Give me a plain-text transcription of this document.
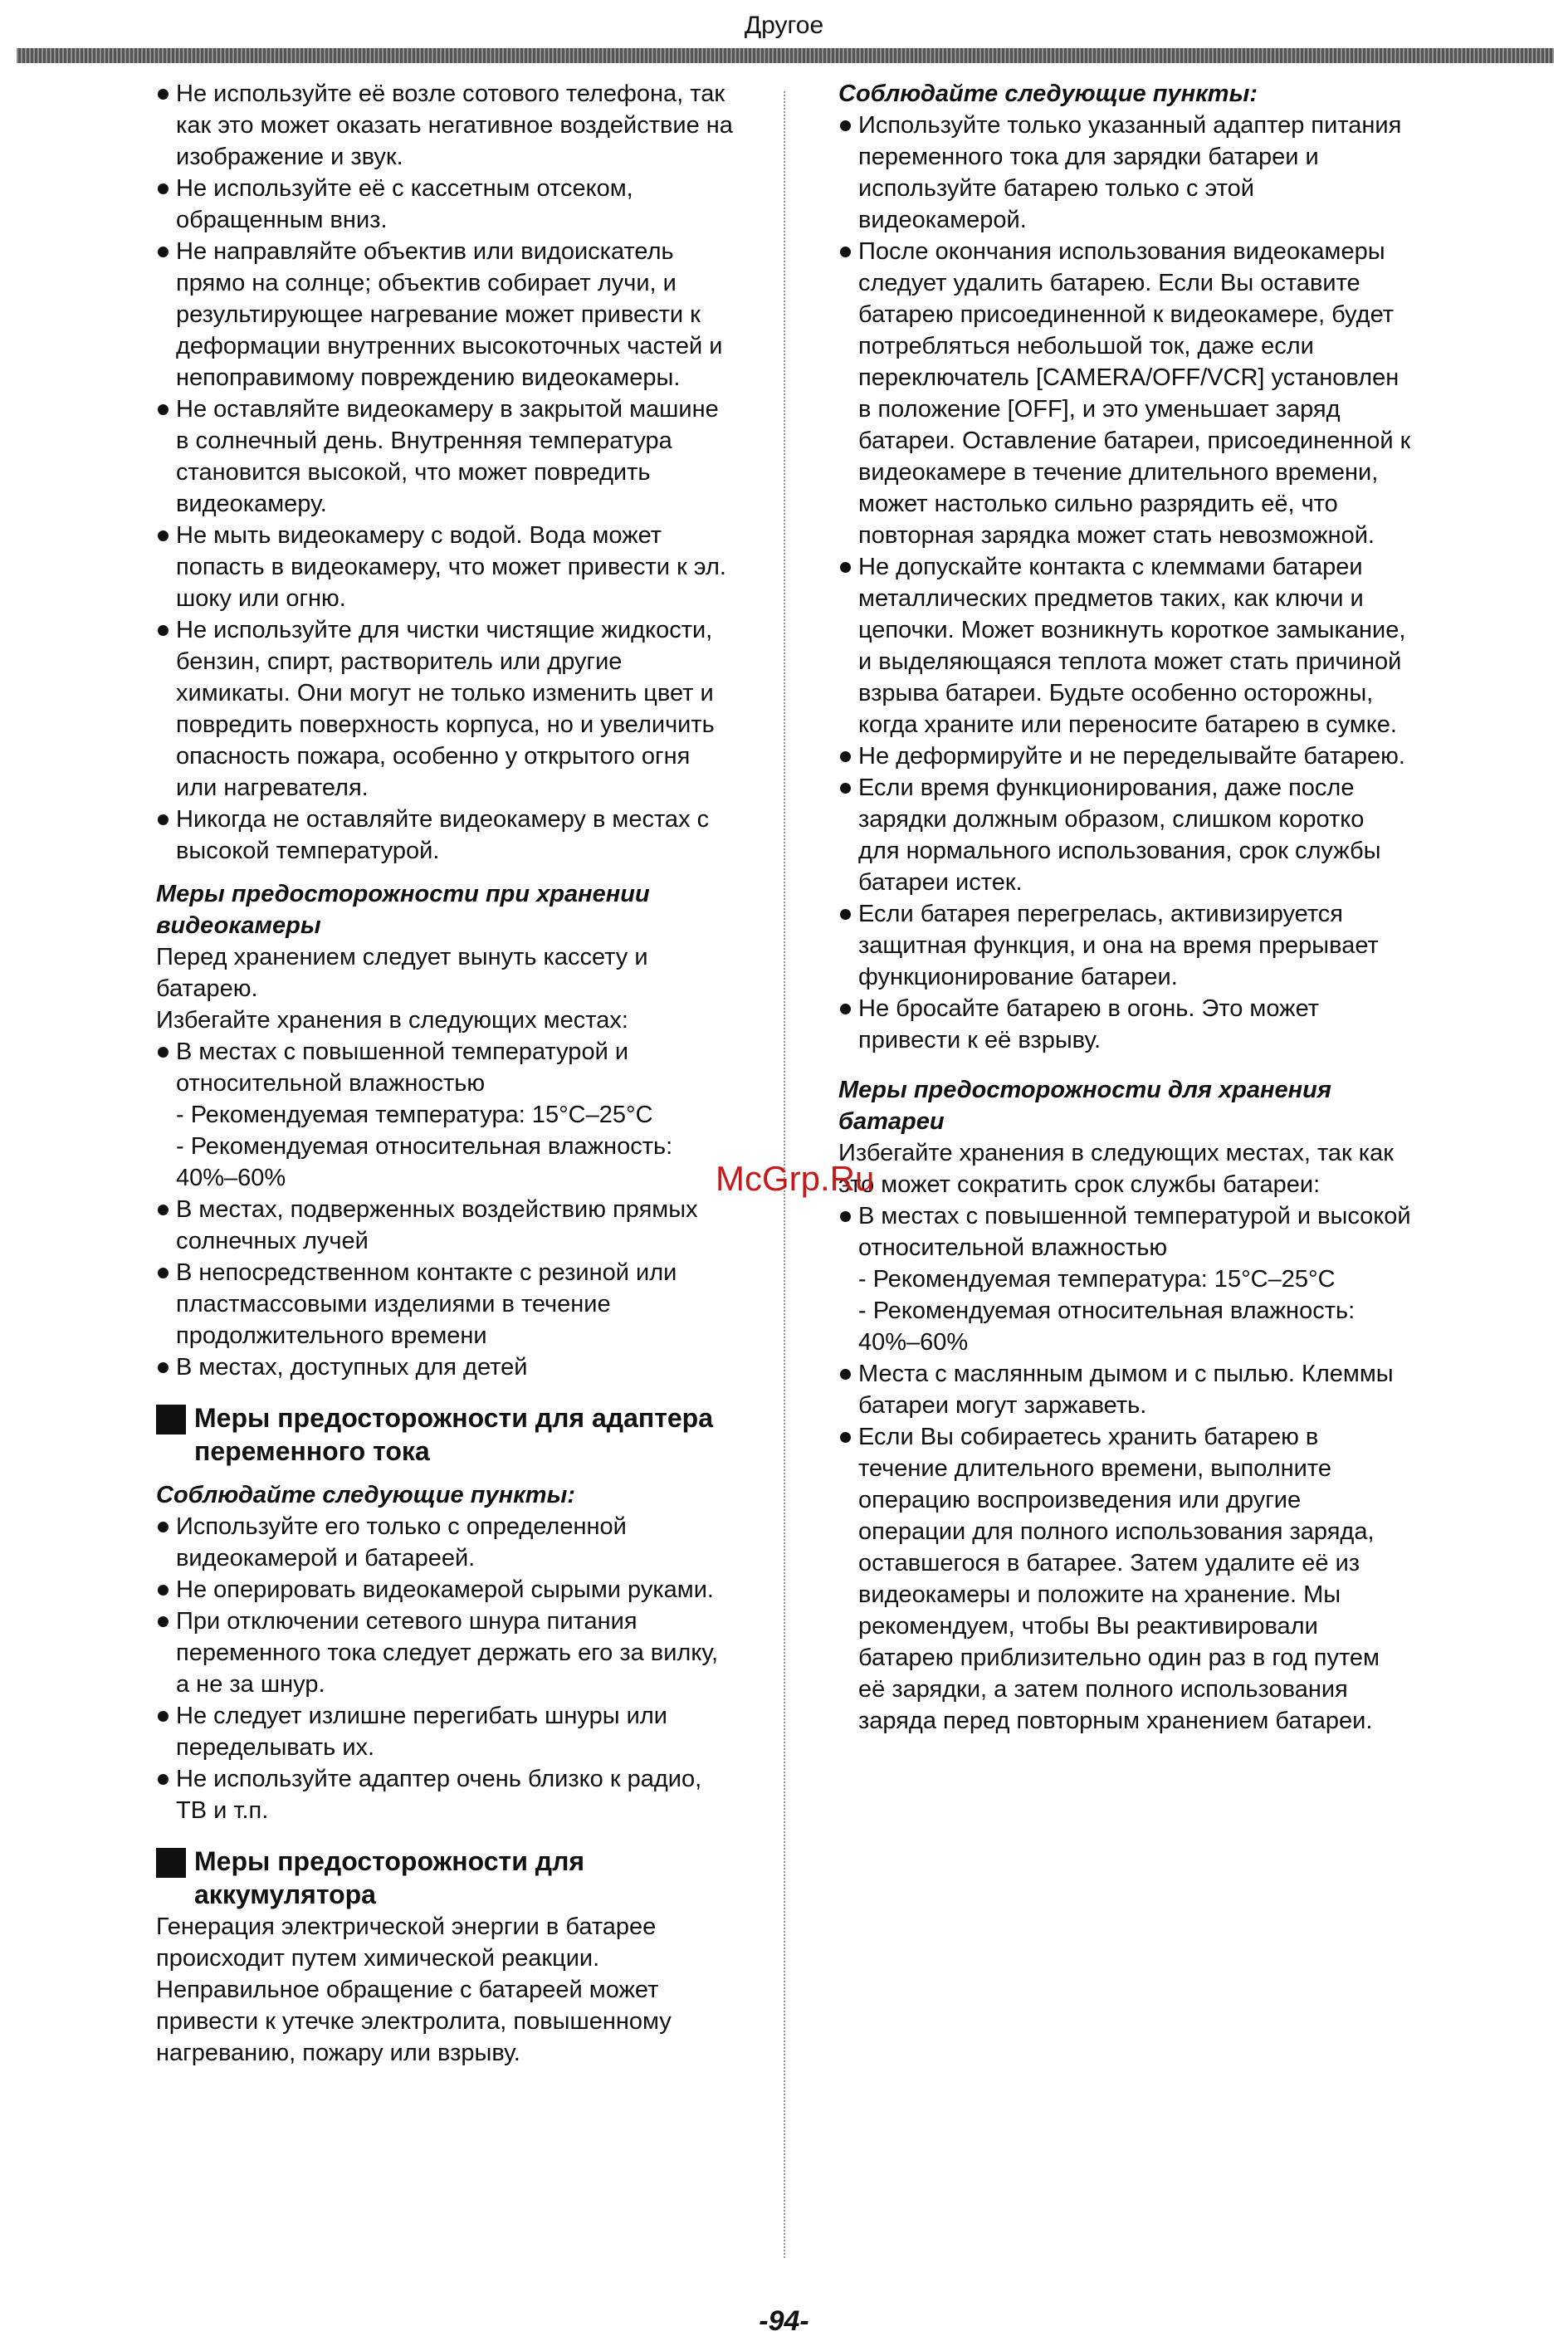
Другое
Не используйте её возле сотового телефона, так как это может оказать негативное воздействие на изображение и звук.
Не используйте её с кассетным отсеком, обращенным вниз.
Не направляйте объектив или видоискатель прямо на солнце; объектив собирает лучи, и результирующее нагревание может привести к деформации внутренних высокоточных частей и непоправимому повреждению видеокамеры.
Не оставляйте видеокамеру в закрытой машине в солнечный день. Внутренняя температура становится высокой, что может повредить видеокамеру.
Не мыть видеокамеру с водой. Вода может попасть в видеокамеру, что может привести к эл. шоку или огню.
Не используйте для чистки чистящие жидкости, бензин, спирт, растворитель или другие химикаты. Они могут не только изменить цвет и повредить поверхность корпуса, но и увеличить опасность пожара, особенно у открытого огня или нагревателя.
Никогда не оставляйте видеокамеру в местах с высокой температурой.
Меры предосторожности при хранении видеокамеры

Перед хранением следует вынуть кассету и батарею.

Избегайте хранения в следующих местах:

В местах с повышенной температурой и относительной влажностью

- Рекомендуемая температура: 15°C–25°C

- Рекомендуемая относительная влажность: 40%–60%

В местах, подверженных воздействию прямых солнечных лучей
В непосредственном контакте с резиной или пластмассовыми изделиями в течение продолжительного времени
В местах, доступных для детей
Меры предосторожности для адаптера переменного тока
Соблюдайте следующие пункты:
Используйте его только с определенной видеокамерой и батареей.
Не оперировать видеокамерой сырыми руками.
При отключении сетевого шнура питания переменного тока следует держать его за вилку, а не за шнур.
Не следует излишне перегибать шнуры или переделывать их.
Не используйте адаптер очень близко к радио, ТВ и т.п.
Меры предосторожности для аккумулятора

Генерация электрической энергии в батарее происходит путем химической реакции. Неправильное обращение с батареей может привести к утечке электролита, повышенному нагреванию, пожару или взрыву.

Соблюдайте следующие пункты:
Используйте только указанный адаптер питания переменного тока для зарядки батареи и используйте батарею только с этой видеокамерой.
После окончания использования видеокамеры следует удалить батарею. Если Вы оставите батарею присоединенной к видеокамере, будет потребляться небольшой ток, даже если переключатель [CAMERA/OFF/VCR] установлен в положение [OFF], и это уменьшает заряд батареи. Оставление батареи, присоединенной к видеокамере в течение длительного времени, может настолько сильно разрядить её, что повторная зарядка может стать невозможной.
Не допускайте контакта с клеммами батареи металлических предметов таких, как ключи и цепочки. Может возникнуть короткое замыкание, и выделяющаяся теплота может стать причиной взрыва батареи. Будьте особенно осторожны, когда храните или переносите батарею в сумке.
Не деформируйте и не переделывайте батарею.
Если время функционирования, даже после зарядки должным образом, слишком коротко для нормального использования, срок службы батареи истек.
Если батарея перегрелась, активизируется защитная функция, и она на время прерывает функционирование батареи.
Не бросайте батарею в огонь. Это может привести к её взрыву.
Меры предосторожности для хранения батареи

Избегайте хранения в следующих местах, так как это может сократить срок службы батареи:

В местах с повышенной температурой и высокой относительной влажностью

- Рекомендуемая температура: 15°C–25°C

- Рекомендуемая относительная влажность: 40%–60%

Места с маслянным дымом и с пылью. Клеммы батареи могут заржаветь.
Если Вы собираетесь хранить батарею в течение длительного времени, выполните операцию воспроизведения или другие операции для полного использования заряда, оставшегося в батарее. Затем удалите её из видеокамеры и положите на хранение. Мы рекомендуем, чтобы Вы реактивировали батарею приблизительно один раз в год путем её зарядки, а затем полного использования заряда перед повторным хранением батареи.
McGrp.Ru
-94-
